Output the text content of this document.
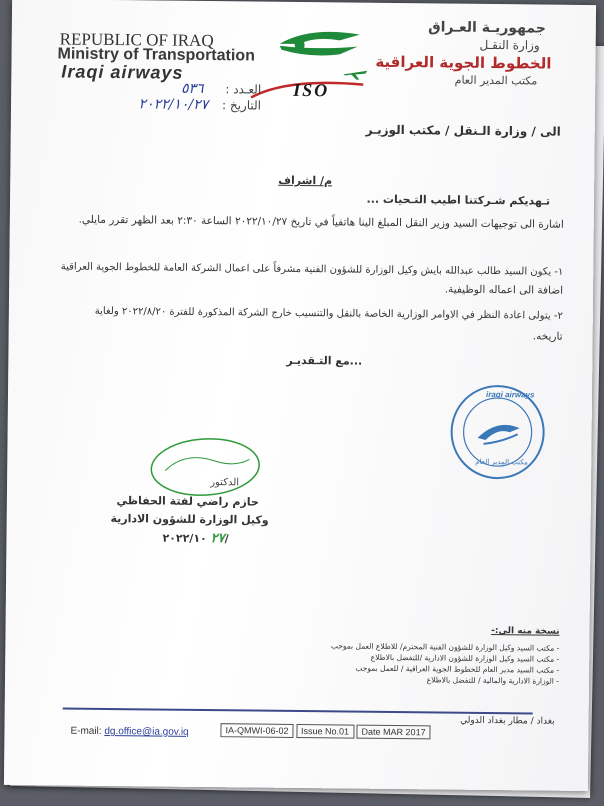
REPUBLIC OF IRAQ
Ministry of Transportation
Iraqi airways
جمهوريـة العـراق
وزارة النقـل
الخطوط الجوية العراقية
مكتب المدير العام
ISO
العـدد : ٥٣٦
التاريخ : ٢٠٢٢/١٠/٢٧
الى / وزارة الـنقل / مكتب الوزيـر
م/ اشراف
تـهديكم شـركتنا اطيب التـحيات ...
اشارة الى توجيهات السيد وزير النقل المبلغ الينا هاتفياً في تاريخ ٢٠٢٢/١٠/٢٧ الساعة ٢:٣٠ بعد الظهر تقرر مايلي.
١- يكون السيد طالب عبدالله بايش وكيل الوزارة للشؤون الفنية مشرفاً على اعمال الشركة العامة للخطوط الجوية العراقية
اضافة الى اعماله الوظيفية.
٢- يتولى اعادة النظر في الاوامر الوزارية الخاصة بالنقل والتنسيب خارج الشركة المذكورة للفترة ٢٠٢٢/٨/٢٠ ولغاية
تاريخه.
مع التـقديـر...
iraqi airways
مكتب المدير العام
الدكتور
حازم راضي لفتة الحفاظي
وكيل الوزارة للشؤون الادارية
٢٧ ٢٠٢٢/١٠/
نسخة منه الى:-
- مكتب السيد وكيل الوزارة للشؤون الفنية المحترم/ للاطلاع العمل بموجب
- مكتب السيد وكيل الوزارة للشؤون الادارية /للتفضل بالاطلاع
- مكتب السيد مدير العام للخطوط الجوية العراقية / للعمل بموجب
- الوزارة الادارية والمالية / للتفضل بالاطلاع
E-mail: dg.office@ia.gov.iq	IA-QMWI-06-02 Issue No.01 Date MAR 2017
بغداد / مطار بغداد الدولي
